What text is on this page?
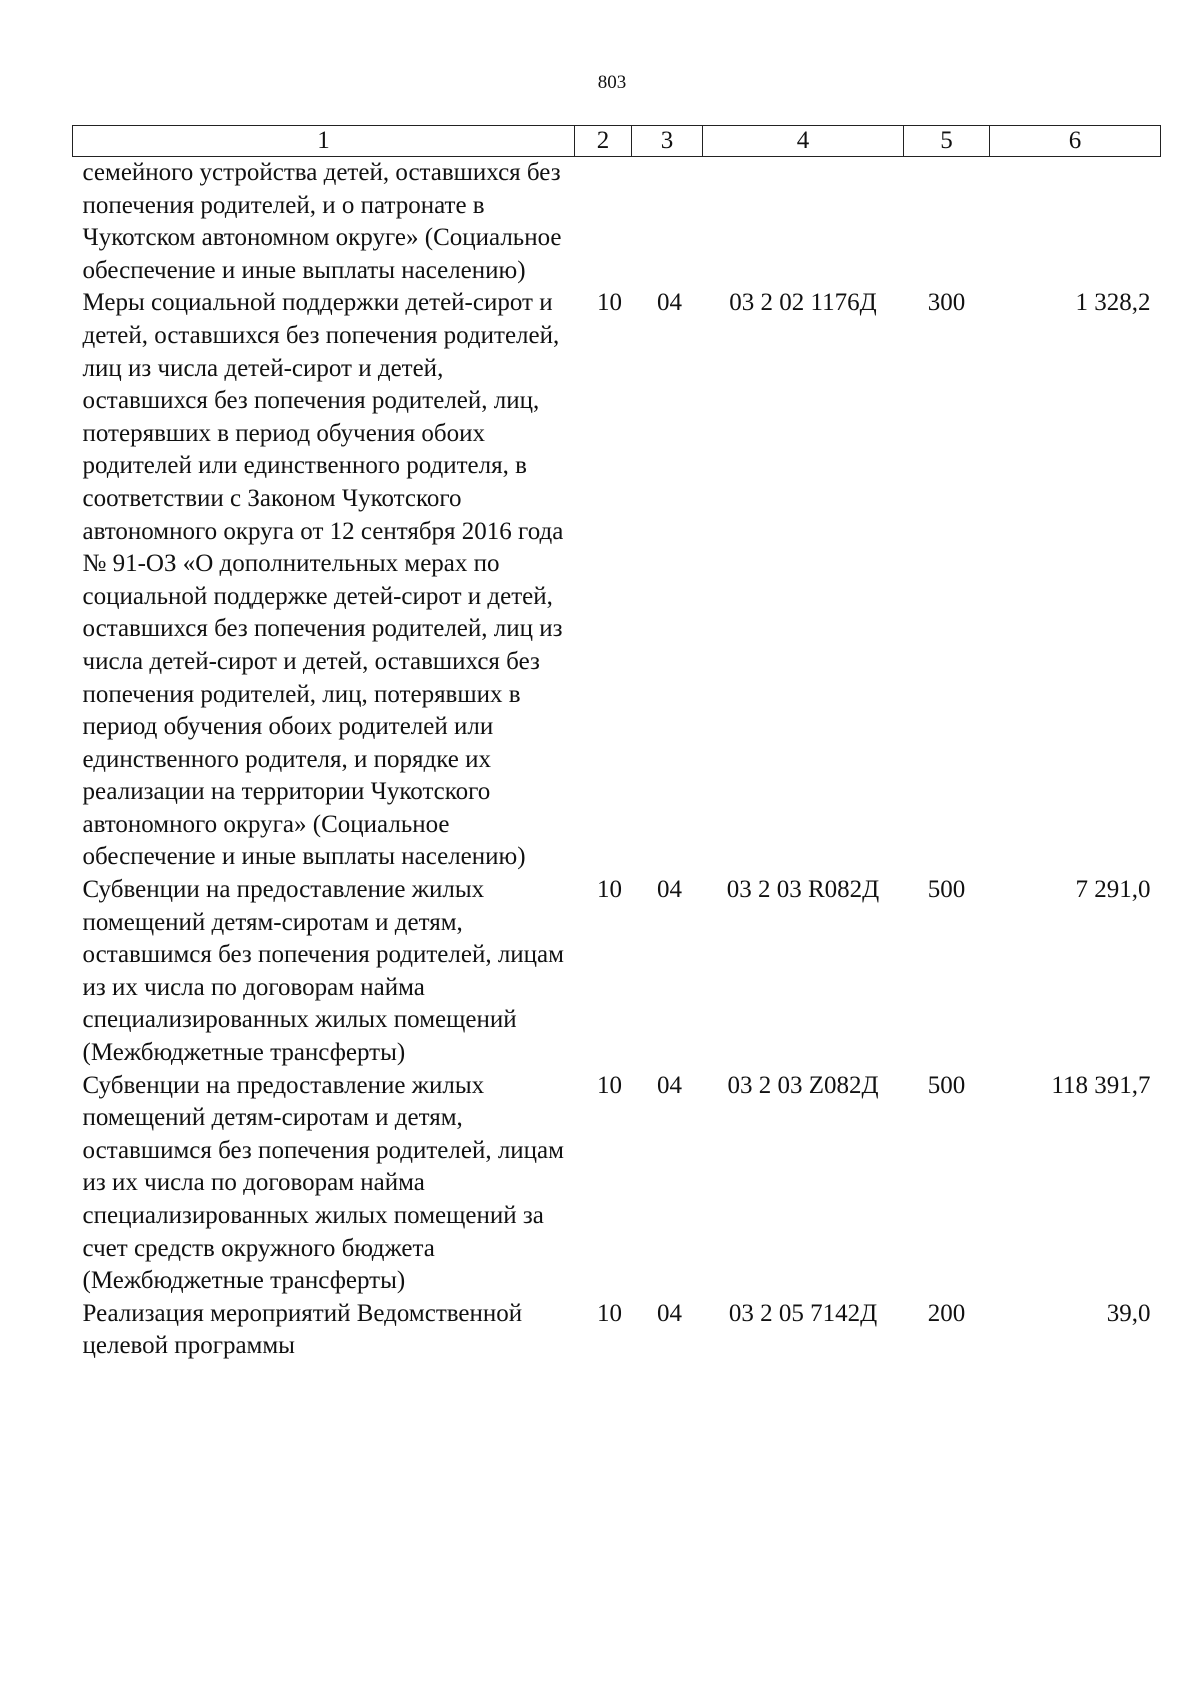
803
1	2	3	4	5	6
семейного устройства детей, оставшихся без попечения родителей, и о патронате в Чукотском автономном округе» (Социальное обеспечение и иные выплаты населению)					
Меры социальной поддержки детей-сирот и детей, оставшихся без попечения родителей, лиц из числа детей-сирот и детей, оставшихся без попечения родителей, лиц, потерявших в период обучения обоих родителей или единственного родителя, в соответствии с Законом Чукотского автономного округа от 12 сентября 2016 года № 91-ОЗ «О дополнительных мерах по социальной поддержке детей-сирот и детей, оставшихся без попечения родителей, лиц из числа детей-сирот и детей, оставшихся без попечения родителей, лиц, потерявших в период обучения обоих родителей или единственного родителя, и порядке их реализации на территории Чукотского автономного округа» (Социальное обеспечение и иные выплаты населению)	10	04	03 2 02 1176Д	300	1 328,2
Субвенции на предоставление жилых помещений детям-сиротам и детям, оставшимся без попечения родителей, лицам из их числа по договорам найма специализированных жилых помещений (Межбюджетные трансферты)	10	04	03 2 03 R082Д	500	7 291,0
Субвенции на предоставление жилых помещений детям-сиротам и детям, оставшимся без попечения родителей, лицам из их числа по договорам найма специализированных жилых помещений за счет средств окружного бюджета (Межбюджетные трансферты)	10	04	03 2 03 Z082Д	500	118 391,7
Реализация мероприятий Ведомственной целевой программы	10	04	03 2 05 7142Д	200	39,0
